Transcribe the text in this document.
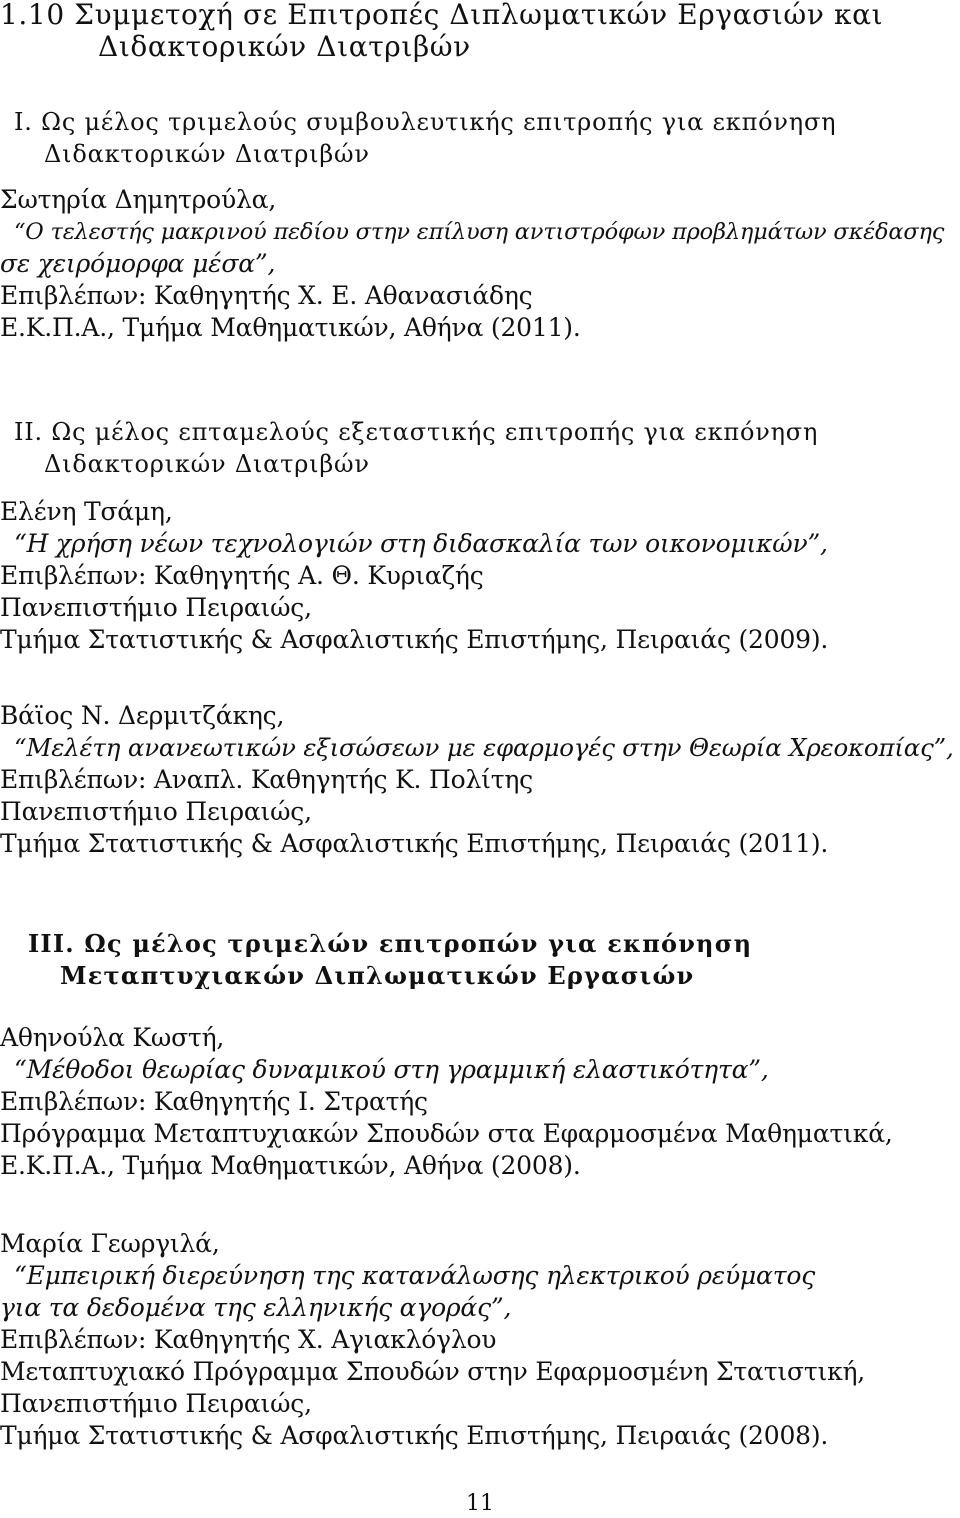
1.10 Συμμετοχή σε Επιτροπές Διπλωματικών Εργασιών και
Διδακτορικών Διατριβών
I. Ως μέλος τριμελούς συμβουλευτικής επιτροπής για εκπόνηση
Διδακτορικών Διατριβών
Σωτηρία Δημητρούλα,
“Ο τελεστής μακρινού πεδίου στην επίλυση αντιστρόφων προβλημάτων σκέδασης
σε χειρόμορφα μέσα”,
Επιβλέπων: Καθηγητής Χ. Ε. Αθανασιάδης
Ε.Κ.Π.Α., Τμήμα Μαθηματικών, Αθήνα (2011).
II. Ως μέλος επταμελούς εξεταστικής επιτροπής για εκπόνηση
Διδακτορικών Διατριβών
Ελένη Τσάμη,
“Η χρήση νέων τεχνολογιών στη διδασκαλία των οικονομικών”,
Επιβλέπων: Καθηγητής Α. Θ. Κυριαζής
Πανεπιστήμιο Πειραιώς,
Τμήμα Στατιστικής & Ασφαλιστικής Επιστήμης, Πειραιάς (2009).
Βάϊος Ν. Δερμιτζάκης,
“Μελέτη ανανεωτικών εξισώσεων με εφαρμογές στην Θεωρία Χρεοκοπίας”,
Επιβλέπων: Αναπλ. Καθηγητής Κ. Πολίτης
Πανεπιστήμιο Πειραιώς,
Τμήμα Στατιστικής & Ασφαλιστικής Επιστήμης, Πειραιάς (2011).
III. Ως μέλος τριμελών επιτροπών για εκπόνηση
Μεταπτυχιακών Διπλωματικών Εργασιών
Αθηνούλα Κωστή,
“Μέθοδοι θεωρίας δυναμικού στη γραμμική ελαστικότητα”,
Επιβλέπων: Καθηγητής Ι. Στρατής
Πρόγραμμα Μεταπτυχιακών Σπουδών στα Εφαρμοσμένα Μαθηματικά,
Ε.Κ.Π.Α., Τμήμα Μαθηματικών, Αθήνα (2008).
Μαρία Γεωργιλά,
“Εμπειρική διερεύνηση της κατανάλωσης ηλεκτρικού ρεύματος
για τα δεδομένα της ελληνικής αγοράς”,
Επιβλέπων: Καθηγητής Χ. Αγιακλόγλου
Μεταπτυχιακό Πρόγραμμα Σπουδών στην Εφαρμοσμένη Στατιστική,
Πανεπιστήμιο Πειραιώς,
Τμήμα Στατιστικής & Ασφαλιστικής Επιστήμης, Πειραιάς (2008).
11
